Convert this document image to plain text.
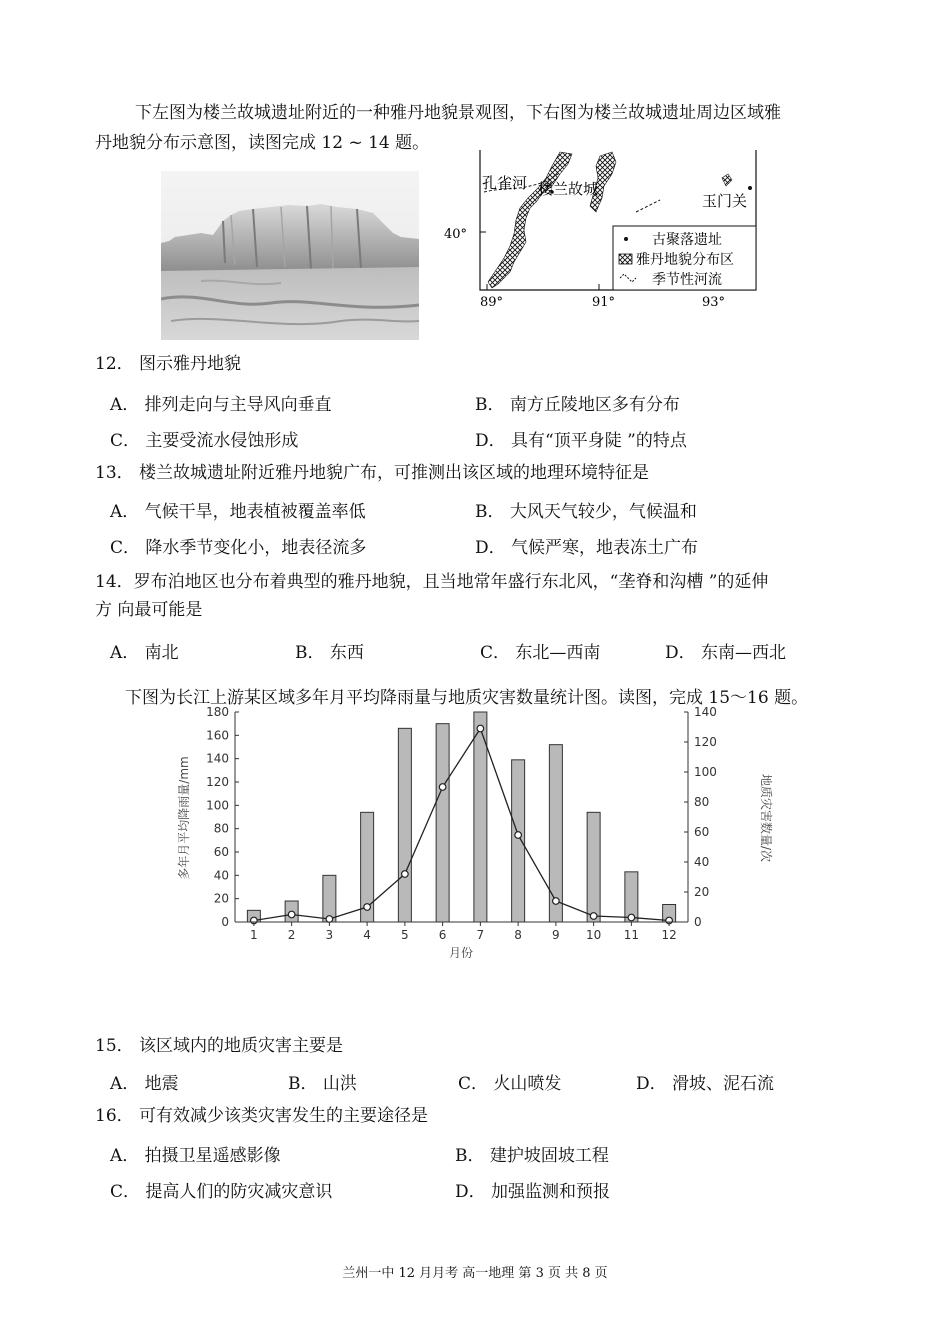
下左图为楼兰故城遗址附近的一种雅丹地貌景观图，下右图为楼兰故城遗址周边区域雅
丹地貌分布示意图，读图完成 12 ~ 14 题。
孔雀河 楼兰故城
玉门关
40°
89°	91°	93°
古聚落遗址
雅丹地貌分布区
季节性河流
12． 图示雅丹地貌
A． 排列走向与主导风向垂直	B． 南方丘陵地区多有分布
C． 主要受流水侵蚀形成	D． 具有“顶平身陡 ”的特点
13． 楼兰故城遗址附近雅丹地貌广布，可推测出该区域的地理环境特征是
A． 气候干旱，地表植被覆盖率低	B． 大风天气较少，气候温和
C． 降水季节变化小，地表径流多	D． 气候严寒，地表冻土广布
14．罗布泊地区也分布着典型的雅丹地貌，且当地常年盛行东北风，“垄脊和沟槽 ”的延伸
方 向最可能是
A． 南北	B． 东西	C． 东北—西南	D． 东南—西北
下图为长江上游某区域多年月平均降雨量与地质灾害数量统计图。读图，完成 15～16 题。
0
20
40
60
80
100
120
140
160
180
0
20
40
60
80
100
120
140
1	2	3	4	5	6	7	8	9 10 11 12
多年月平均降雨量/mm	地质灾害数量/次
月份
15． 该区域内的地质灾害主要是
A． 地震	B． 山洪	C． 火山喷发	D． 滑坡、泥石流
16． 可有效减少该类灾害发生的主要途径是
A． 拍摄卫星遥感影像	B． 建护坡固坡工程
C． 提高人们的防灾减灾意识	D． 加强监测和预报
兰州一中 12 月月考 高一地理 第 3 页 共 8 页
